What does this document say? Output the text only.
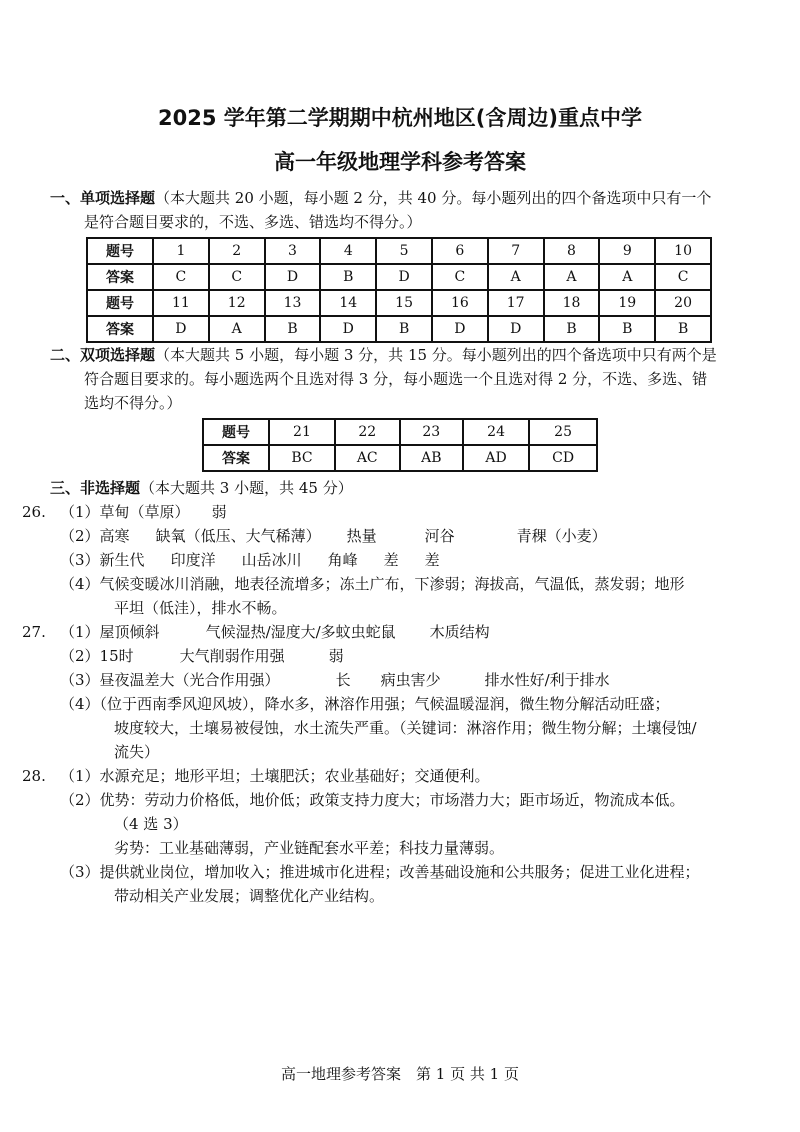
2025 学年第二学期期中杭州地区(含周边)重点中学
高一年级地理学科参考答案
一、单项选择题（本大题共 20 小题，每小题 2 分，共 40 分。每小题列出的四个备选项中只有一个
是符合题目要求的，不选、多选、错选均不得分。）
题号	1	2	3	4	5	6	7	8	9	10
答案	C	C	D	B	D	C	A	A	A	C
题号	11	12	13	14	15	16	17	18	19	20
答案	D	A	B	D	B	D	D	B	B	B
二、双项选择题（本大题共 5 小题，每小题 3 分，共 15 分。每小题列出的四个备选项中只有两个是
符合题目要求的。每小题选两个且选对得 3 分，每小题选一个且选对得 2 分，不选、多选、错
选均不得分。）
题号	21	22	23	24	25
答案	BC	AC	AB	AD	CD
三、非选择题（本大题共 3 小题，共 45 分）
26. （1）草甸（草原） 弱
（2）高寒 缺氧（低压、大气稀薄） 热量	河谷	青稞（小麦）
（3）新生代 印度洋 山岳冰川 角峰 差 差
（4）气候变暖冰川消融，地表径流增多；冻土广布，下渗弱；海拔高，气温低，蒸发弱；地形
平坦（低洼），排水不畅。
27. （1）屋顶倾斜	气候湿热/湿度大/多蚊虫蛇鼠 木质结构
（2）15时	大气削弱作用强	弱
（3）昼夜温差大（光合作用强）	长 病虫害少	排水性好/利于排水
（4）（位于西南季风迎风坡），降水多，淋溶作用强；气候温暖湿润，微生物分解活动旺盛；
坡度较大，土壤易被侵蚀，水土流失严重。（关键词：淋溶作用；微生物分解；土壤侵蚀/
流失）
28. （1）水源充足；地形平坦；土壤肥沃；农业基础好；交通便利。
（2）优势：劳动力价格低，地价低；政策支持力度大；市场潜力大；距市场近，物流成本低。
（4 选 3）
劣势：工业基础薄弱，产业链配套水平差；科技力量薄弱。
（3）提供就业岗位，增加收入；推进城市化进程；改善基础设施和公共服务；促进工业化进程；
带动相关产业发展；调整优化产业结构。
高一地理参考答案　第 1 页 共 1 页
